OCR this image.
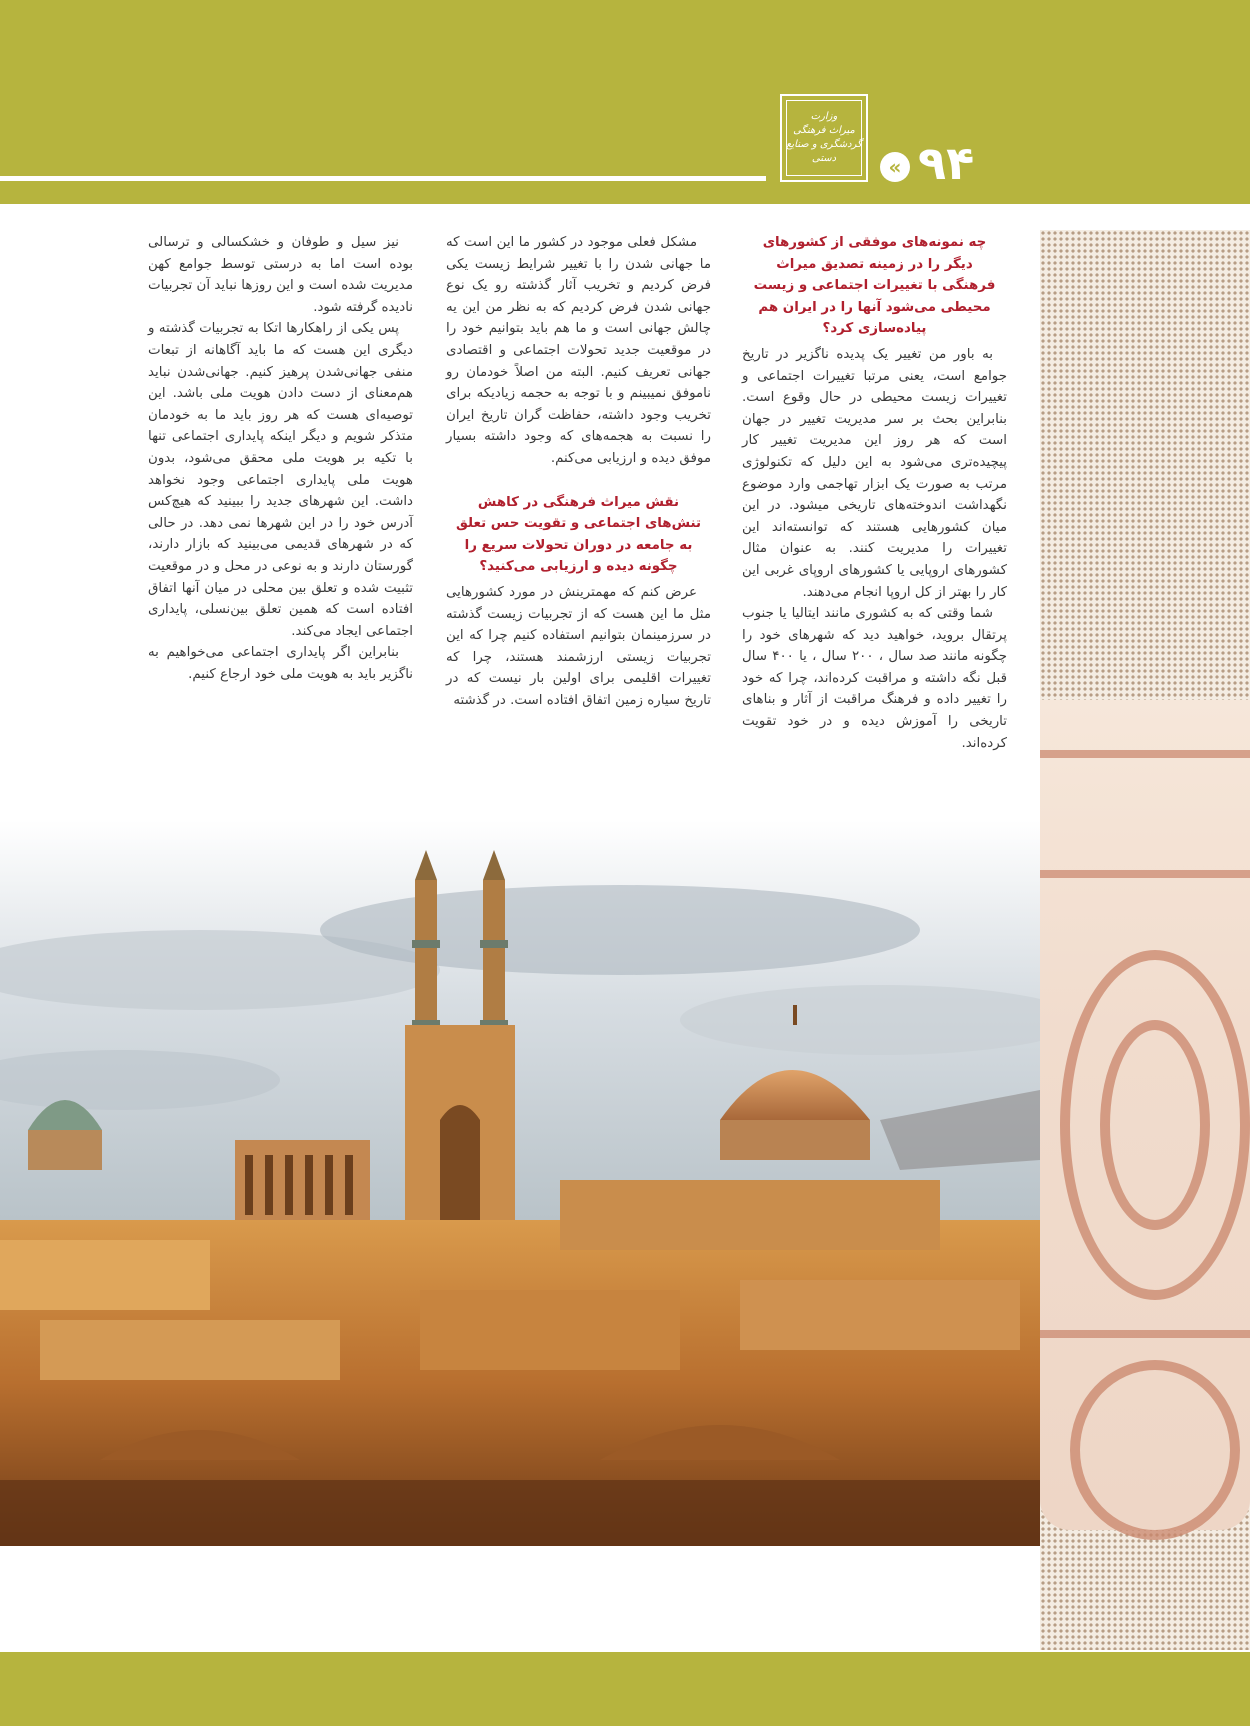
وزارت
میراث فرهنگی
گردشگری و صنایع دستی	« ۹۴
چه نمونه‌های موفقی از کشورهای دیگر را در زمینه تصدیق میراث فرهنگی با تغییرات اجتماعی و زیست محیطی می‌شود آنها را در ایران هم پیاده‌سازی کرد؟

به باور من تغییر یک پدیده ناگزیر در تاریخ جوامع است، یعنی مرتبا تغییرات اجتماعی و تغییرات زیست محیطی در حال وقوع است. بنابراین بحث بر سر مدیریت تغییر در جهان است که هر روز این مدیریت تغییر کار پیچیده‌تری می‌شود به این دلیل که تکنولوژی مرتب به صورت یک ابزار تهاجمی وارد موضوع نگهداشت اندوخته‌های تاریخی میشود. در این میان کشورهایی هستند که توانسته‌اند این تغییرات را مدیریت کنند. به عنوان مثال کشورهای اروپایی یا کشورهای اروپای غربی این کار را بهتر از کل اروپا انجام می‌دهند.

شما وقتی که به کشوری مانند ایتالیا یا جنوب پرتقال بروید، خواهید دید که شهرهای خود را چگونه مانند صد سال ، ۲۰۰ سال ، یا ۴۰۰ سال قبل نگه داشته و مراقبت کرده‌اند، چرا که خود را تغییر داده و فرهنگ مراقبت از آثار و بناهای تاریخی را آموزش دیده و در خود تقویت کرده‌اند.

مشکل فعلی موجود در کشور ما این است که ما جهانی شدن را با تغییر شرایط زیست یکی فرض کردیم و تخریب آثار گذشته رو یک نوع جهانی شدن فرض کردیم که به نظر من این یه چالش جهانی است و ما هم باید بتوانیم خود را در موقعیت جدید تحولات اجتماعی و اقتصادی جهانی تعریف کنیم. البته من اصلاً خودمان رو ناموفق نمیبینم و با توجه به حجمه زیادیکه برای تخریب وجود داشته، حفاظت گران تاریخ ایران را نسبت به هجمه‌های که وجود داشته بسیار موفق دیده و ارزیابی می‌کنم.

نقش میراث فرهنگی در کاهش تنش‌های اجتماعی و تقویت حس تعلق به جامعه در دوران تحولات سریع را چگونه دیده و ارزیابی می‌کنید؟

عرض کنم که مهمترینش در مورد کشورهایی مثل ما این هست که از تجربیات زیست گذشته در سرزمینمان بتوانیم استفاده کنیم چرا که این تجربیات زیستی ارزشمند هستند، چرا که تغییرات اقلیمی برای اولین بار نیست که در تاریخ سیاره زمین اتفاق افتاده است. در گذشته

نیز سیل و طوفان و خشکسالی و ترسالی بوده است اما به درستی توسط جوامع کهن مدیریت شده است و این روزها نباید آن تجربیات نادیده گرفته شود.

پس یکی از راهکارها اتکا به تجربیات گذشته و دیگری این هست که ما باید آگاهانه از تبعات منفی جهانی‌شدن پرهیز کنیم. جهانی‌شدن نباید هم‌معنای از دست دادن هویت ملی باشد. این توصیه‌ای هست که هر روز باید ما به خودمان متذکر شویم و دیگر اینکه پایداری اجتماعی تنها با تکیه بر هویت ملی محقق می‌شود، بدون هویت ملی پایداری اجتماعی وجود نخواهد داشت. این شهرهای جدید را ببینید که هیچ‌کس آدرس خود را در این شهرها نمی دهد. در حالی که در شهرهای قدیمی می‌بینید که بازار دارند، گورستان دارند و به نوعی در محل و در موقعیت تثبیت شده و تعلق بین محلی در میان آنها اتفاق افتاده است که همین تعلق بین‌نسلی، پایداری اجتماعی ایجاد می‌کند.

بنابراین اگر پایداری اجتماعی می‌خواهیم به ناگزیر باید به هویت ملی خود ارجاع کنیم.
